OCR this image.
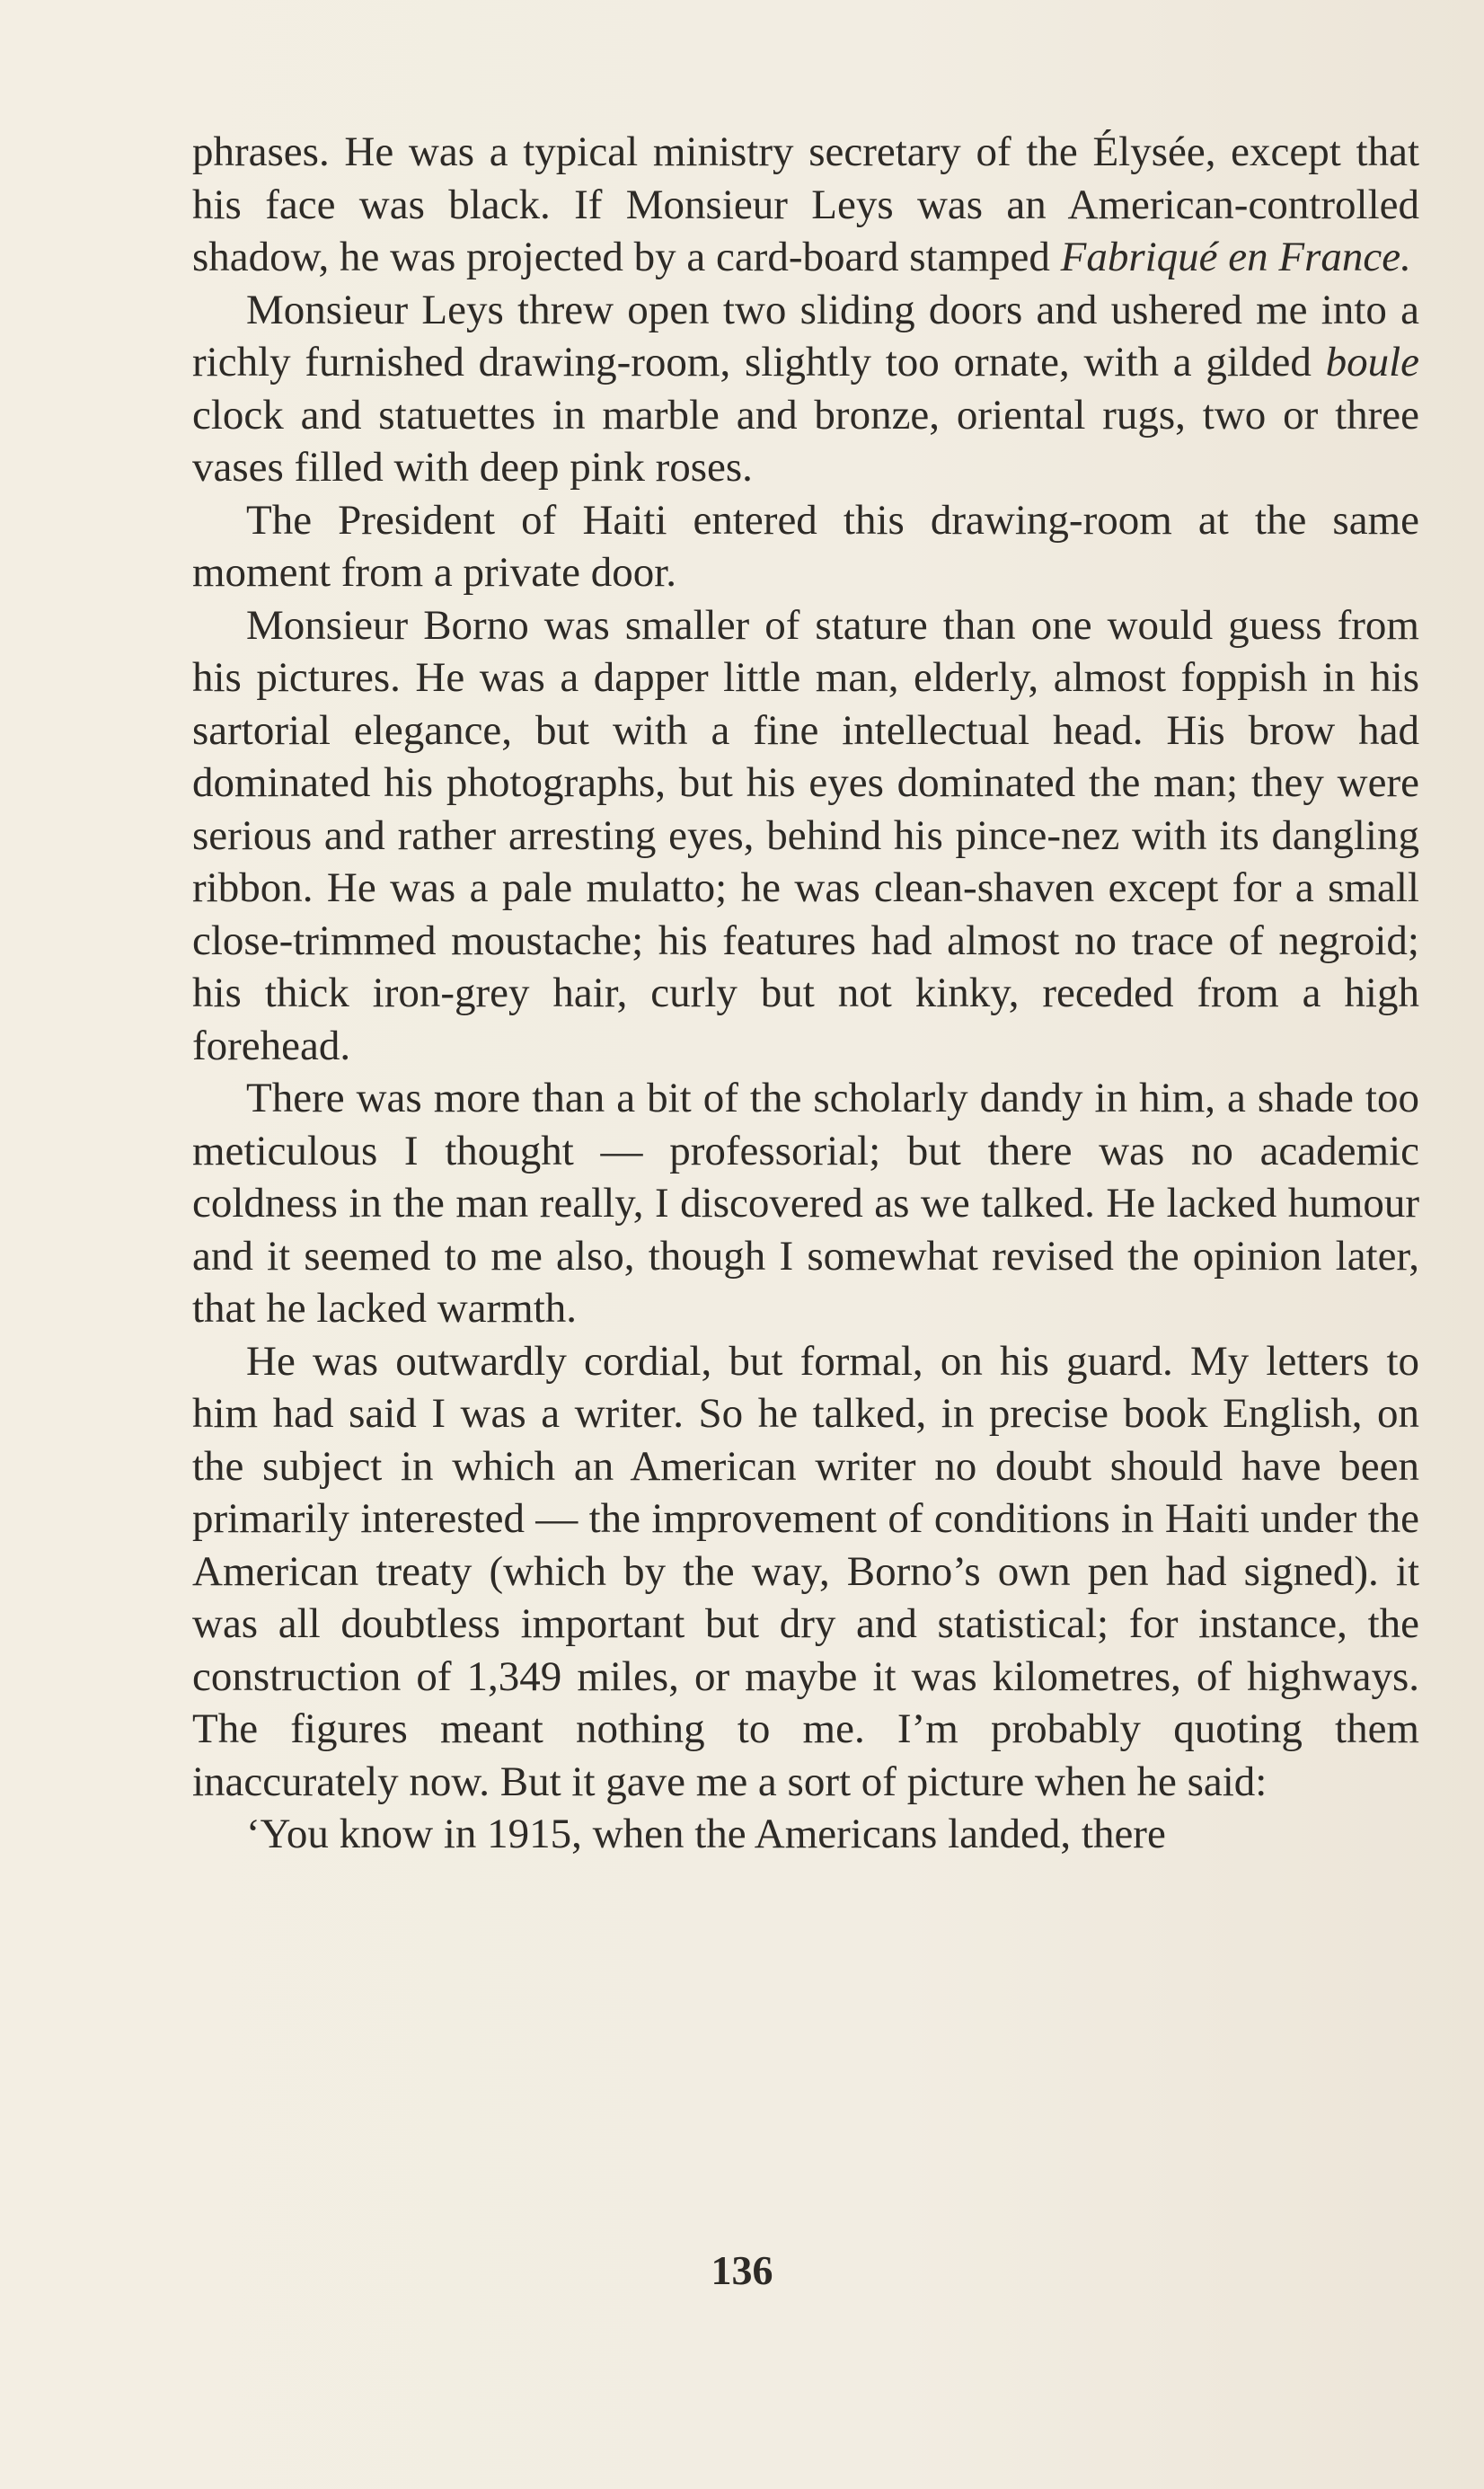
phrases. He was a typical ministry secretary of the Élysée, except that his face was black. If Monsieur Leys was an American-controlled shadow, he was projected by a card-board stamped Fabriqué en France.

Monsieur Leys threw open two sliding doors and ushered me into a richly furnished drawing-room, slightly too ornate, with a gilded boule clock and statuettes in marble and bronze, oriental rugs, two or three vases filled with deep pink roses.

The President of Haiti entered this drawing-room at the same moment from a private door.

Monsieur Borno was smaller of stature than one would guess from his pictures. He was a dapper little man, elderly, almost foppish in his sartorial elegance, but with a fine intellectual head. His brow had dominated his photographs, but his eyes dominated the man; they were serious and rather arresting eyes, behind his pince-nez with its dangling ribbon. He was a pale mulatto; he was clean-shaven except for a small close-trimmed moustache; his features had almost no trace of negroid; his thick iron-grey hair, curly but not kinky, receded from a high forehead.

There was more than a bit of the scholarly dandy in him, a shade too meticulous I thought — professorial; but there was no academic coldness in the man really, I discovered as we talked. He lacked humour and it seemed to me also, though I somewhat revised the opinion later, that he lacked warmth.

He was outwardly cordial, but formal, on his guard. My letters to him had said I was a writer. So he talked, in precise book English, on the subject in which an American writer no doubt should have been primarily interested — the improvement of conditions in Haiti under the American treaty (which by the way, Borno’s own pen had signed). it was all doubtless important but dry and statistical; for instance, the construction of 1,349 miles, or maybe it was kilometres, of highways. The figures meant nothing to me. I’m probably quoting them inaccurately now. But it gave me a sort of picture when he said:

‘You know in 1915, when the Americans landed, there

136
